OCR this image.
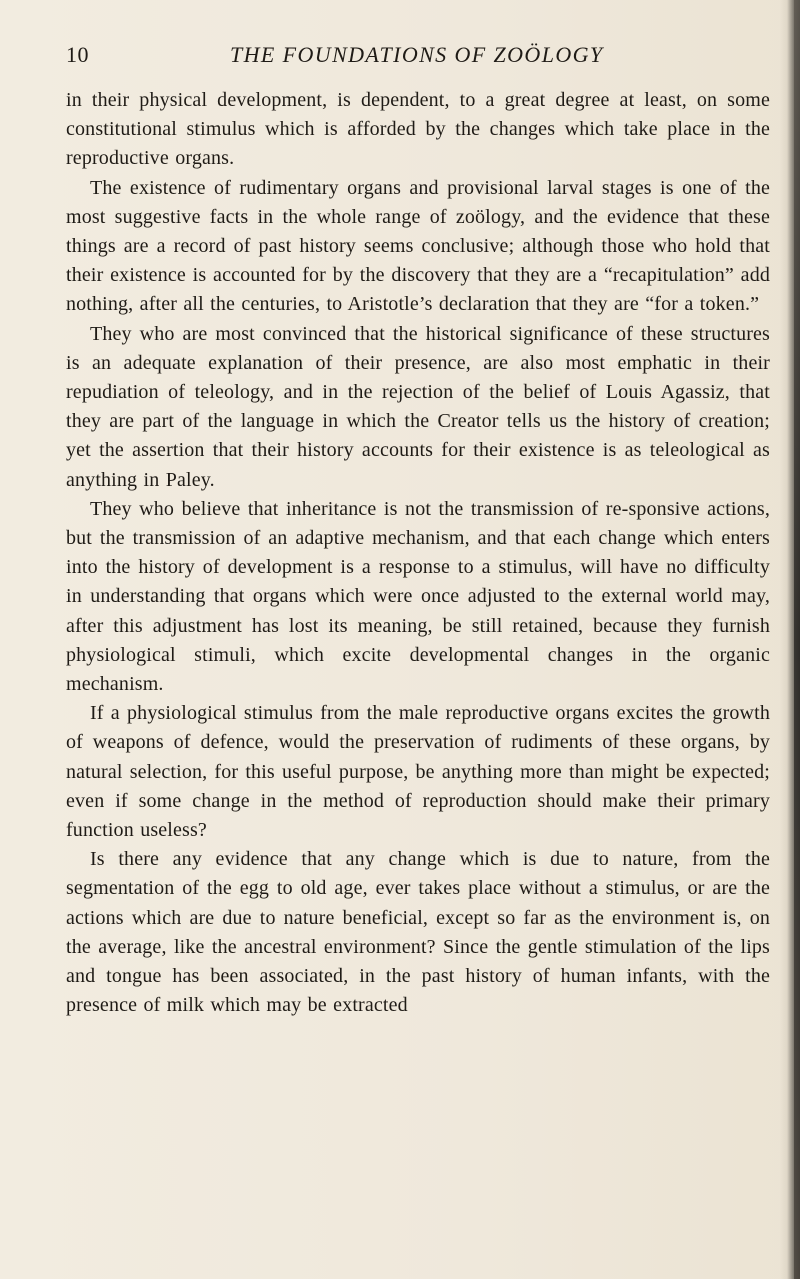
10	THE FOUNDATIONS OF ZOÖLOGY

in their physical development, is dependent, to a great degree at least, on some constitutional stimulus which is afforded by the changes which take place in the reproductive organs.

The existence of rudimentary organs and provisional larval stages is one of the most suggestive facts in the whole range of zoölogy, and the evidence that these things are a record of past history seems conclusive; although those who hold that their existence is accounted for by the discovery that they are a “recapitulation” add nothing, after all the centuries, to Aristotle’s declaration that they are “for a token.”

They who are most convinced that the historical significance of these structures is an adequate explanation of their presence, are also most emphatic in their repudiation of teleology, and in the rejection of the belief of Louis Agassiz, that they are part of the language in which the Creator tells us the history of creation; yet the assertion that their history accounts for their existence is as teleological as anything in Paley.

They who believe that inheritance is not the transmission of re-sponsive actions, but the transmission of an adaptive mechanism, and that each change which enters into the history of development is a response to a stimulus, will have no difficulty in understanding that organs which were once adjusted to the external world may, after this adjustment has lost its meaning, be still retained, because they furnish physiological stimuli, which excite developmental changes in the organic mechanism.

If a physiological stimulus from the male reproductive organs excites the growth of weapons of defence, would the preservation of rudiments of these organs, by natural selection, for this useful purpose, be anything more than might be expected; even if some change in the method of reproduction should make their primary function useless?

Is there any evidence that any change which is due to nature, from the segmentation of the egg to old age, ever takes place without a stimulus, or are the actions which are due to nature beneficial, except so far as the environment is, on the average, like the ancestral environment? Since the gentle stimulation of the lips and tongue has been associated, in the past history of human infants, with the presence of milk which may be extracted
